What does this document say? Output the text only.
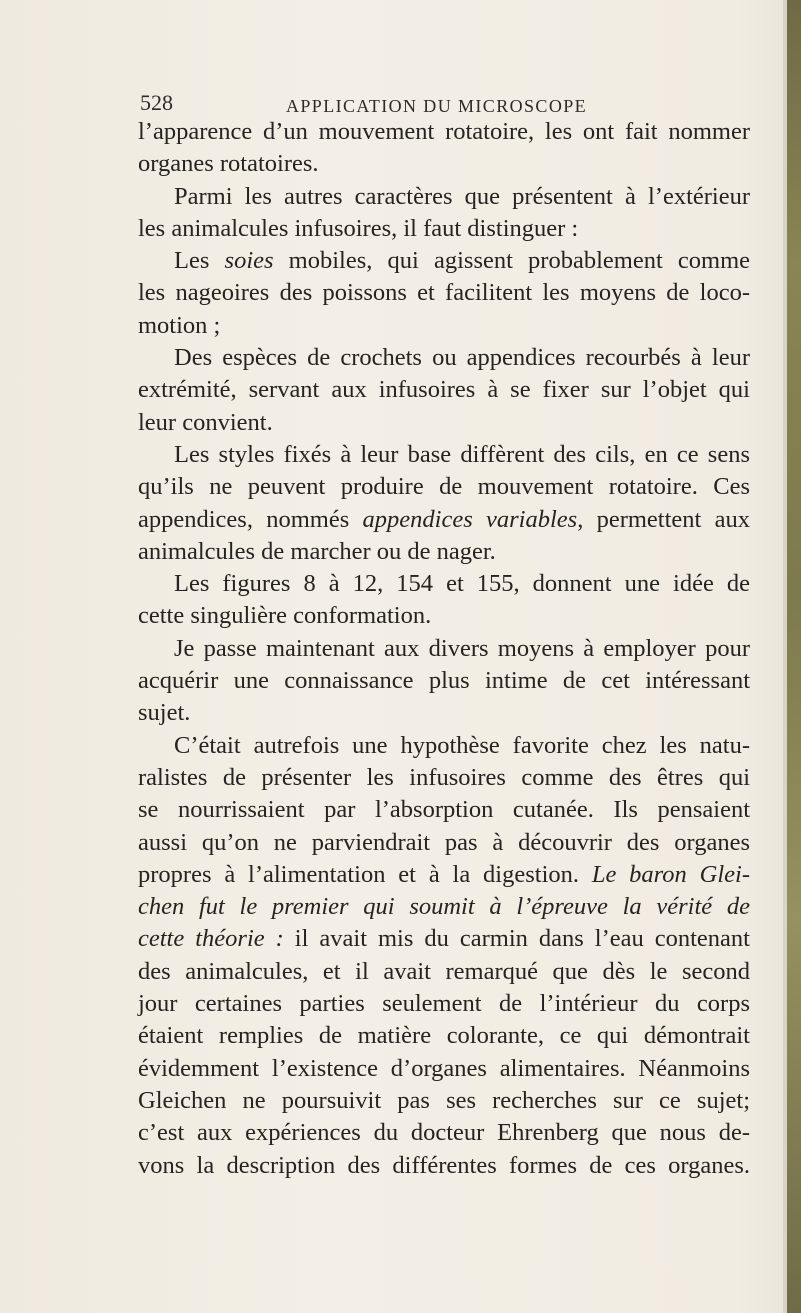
528	APPLICATION DU MICROSCOPE
l’apparence d’un mouvement rotatoire, les ont fait nommer
organes rotatoires.
Parmi les autres caractères que présentent à l’extérieur
les animalcules infusoires, il faut distinguer :
Les soies mobiles, qui agissent probablement comme
les nageoires des poissons et facilitent les moyens de loco-
motion ;
Des espèces de crochets ou appendices recourbés à leur
extrémité, servant aux infusoires à se fixer sur l’objet qui
leur convient.
Les styles fixés à leur base diffèrent des cils, en ce sens
qu’ils ne peuvent produire de mouvement rotatoire. Ces
appendices, nommés appendices variables, permettent aux
animalcules de marcher ou de nager.
Les figures 8 à 12, 154 et 155, donnent une idée de
cette singulière conformation.
Je passe maintenant aux divers moyens à employer pour
acquérir une connaissance plus intime de cet intéressant
sujet.
C’était autrefois une hypothèse favorite chez les natu-
ralistes de présenter les infusoires comme des êtres qui
se nourrissaient par l’absorption cutanée. Ils pensaient
aussi qu’on ne parviendrait pas à découvrir des organes
propres à l’alimentation et à la digestion. Le baron Glei-
chen fut le premier qui soumit à l’épreuve la vérité de
cette théorie : il avait mis du carmin dans l’eau contenant
des animalcules, et il avait remarqué que dès le second
jour certaines parties seulement de l’intérieur du corps
étaient remplies de matière colorante, ce qui démontrait
évidemment l’existence d’organes alimentaires. Néanmoins
Gleichen ne poursuivit pas ses recherches sur ce sujet;
c’est aux expériences du docteur Ehrenberg que nous de-
vons la description des différentes formes de ces organes.
